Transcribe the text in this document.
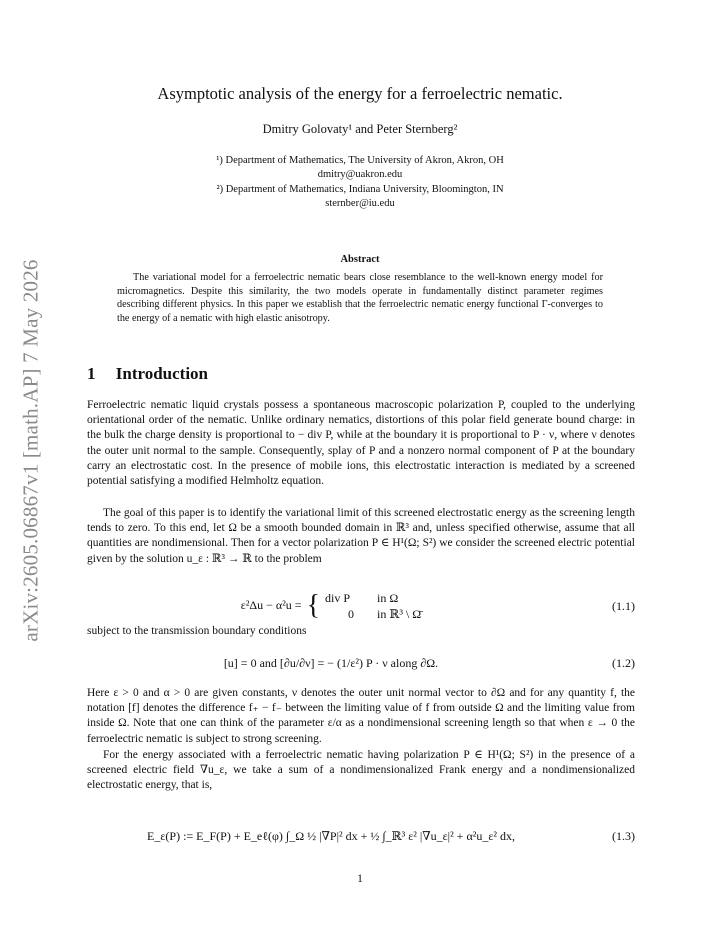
arXiv:2605.06867v1 [math.AP] 7 May 2026
Asymptotic analysis of the energy for a ferroelectric nematic.
Dmitry Golovaty¹ and Peter Sternberg²
¹) Department of Mathematics, The University of Akron, Akron, OH
dmitry@uakron.edu
²) Department of Mathematics, Indiana University, Bloomington, IN
sternber@iu.edu
Abstract
The variational model for a ferroelectric nematic bears close resemblance to the well-known energy model for micromagnetics. Despite this similarity, the two models operate in fundamentally distinct parameter regimes describing different physics. In this paper we establish that the ferroelectric nematic energy functional Γ-converges to the energy of a nematic with high elastic anisotropy.
1 Introduction
Ferroelectric nematic liquid crystals possess a spontaneous macroscopic polarization P, coupled to the underlying orientational order of the nematic. Unlike ordinary nematics, distortions of this polar field generate bound charge: in the bulk the charge density is proportional to − div P, while at the boundary it is proportional to P · ν, where ν denotes the outer unit normal to the sample. Consequently, splay of P and a nonzero normal component of P at the boundary carry an electrostatic cost. In the presence of mobile ions, this electrostatic interaction is mediated by a screened potential satisfying a modified Helmholtz equation.
The goal of this paper is to identify the variational limit of this screened electrostatic energy as the screening length tends to zero. To this end, let Ω be a smooth bounded domain in ℝ³ and, unless specified otherwise, assume that all quantities are nondimensional. Then for a vector polarization P ∈ H¹(Ω; S²) we consider the screened electric potential given by the solution u_ε : ℝ³ → ℝ to the problem
ε²Δu − α²u = { div P in Ω
0 in ℝ³ \ Ω̄
(1.1)
subject to the transmission boundary conditions
[u] = 0 and [∂u/∂ν] = − (1/ε²) P · ν along ∂Ω.	(1.2)
Here ε > 0 and α > 0 are given constants, ν denotes the outer unit normal vector to ∂Ω and for any quantity f, the notation [f] denotes the difference f₊ − f₋ between the limiting value of f from outside Ω and the limiting value from inside Ω. Note that one can think of the parameter ε/α as a nondimensional screening length so that when ε → 0 the ferroelectric nematic is subject to strong screening.
For the energy associated with a ferroelectric nematic having polarization P ∈ H¹(Ω; S²) in the presence of a screened electric field ∇u_ε, we take a sum of a nondimensionalized Frank energy and a nondimensionalized electrostatic energy, that is,
E_ε(P) := E_F(P) + E_eℓ(φ) ∫_Ω ½ |∇P|² dx + ½ ∫_ℝ³ ε² |∇u_ε|² + α²u_ε² dx,	(1.3)
1
